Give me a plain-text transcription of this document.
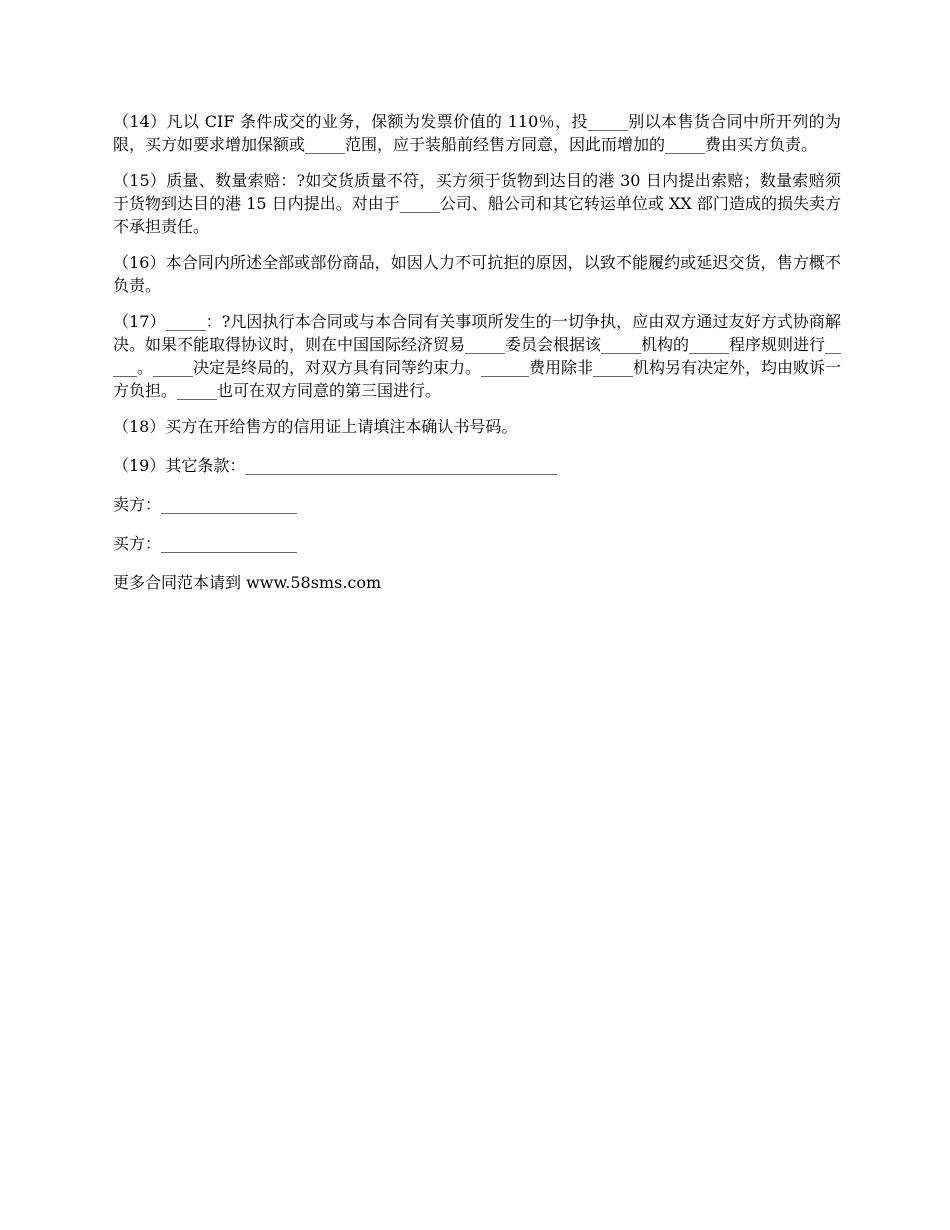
（14）凡以 CIF 条件成交的业务，保额为发票价值的 110％，投_____别以本售货合同中所开列的为限，买方如要求增加保额或_____范围，应于装船前经售方同意，因此而增加的_____费由买方负责。

（15）质量、数量索赔：?如交货质量不符，买方须于货物到达目的港 30 日内提出索赔；数量索赔须于货物到达目的港 15 日内提出。对由于_____公司、船公司和其它转运单位或 XX 部门造成的损失卖方不承担责任。

（16）本合同内所述全部或部份商品，如因人力不可抗拒的原因，以致不能履约或延迟交货，售方概不负责。

（17）_____：?凡因执行本合同或与本合同有关事项所发生的一切争执，应由双方通过友好方式协商解决。如果不能取得协议时，则在中国国际经济贸易_____委员会根据该_____机构的_____程序规则进行_____。_____决定是终局的，对双方具有同等约束力。______费用除非_____机构另有决定外，均由败诉一方负担。_____也可在双方同意的第三国进行。

（18）买方在开给售方的信用证上请填注本确认书号码。

（19）其它条款：_______________________________________

卖方：_________________

买方：_________________

更多合同范本请到 www.58sms.com
